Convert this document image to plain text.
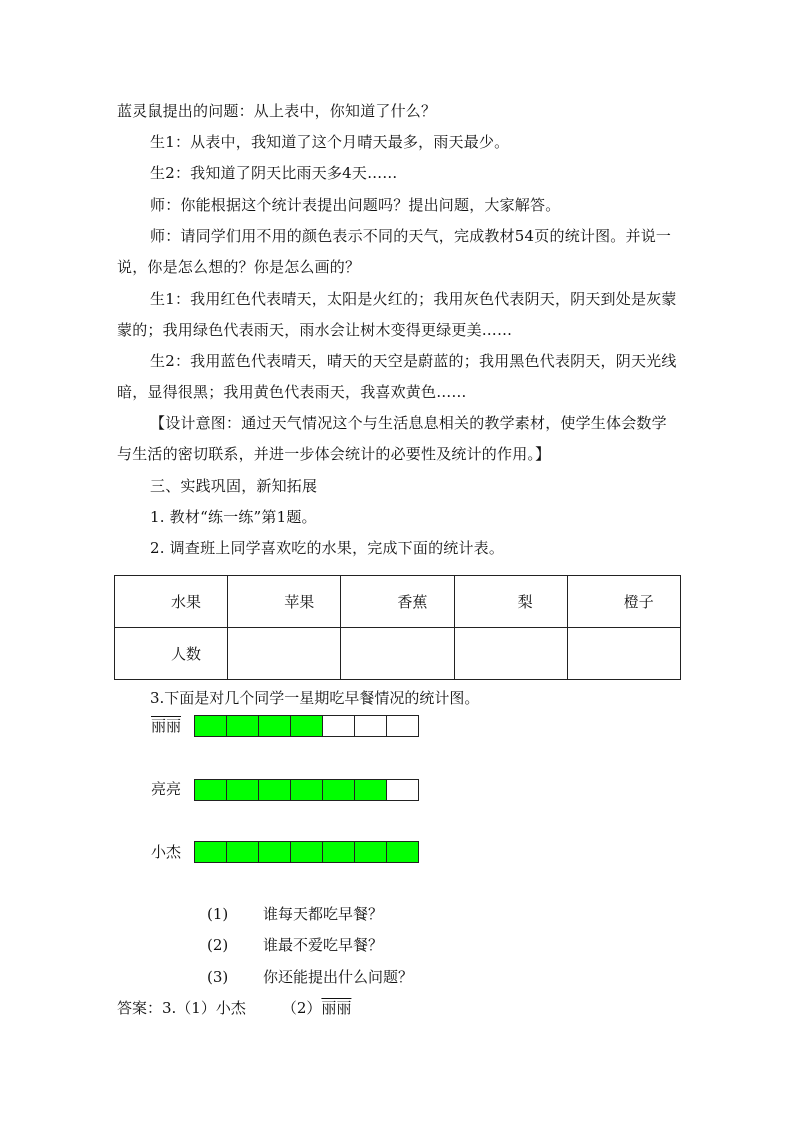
蓝灵鼠提出的问题：从上表中，你知道了什么？

生1：从表中，我知道了这个月晴天最多，雨天最少。

生2：我知道了阴天比雨天多4天……

师：你能根据这个统计表提出问题吗？提出问题，大家解答。

师：请同学们用不用的颜色表示不同的天气，完成教材54页的统计图。并说一说，你是怎么想的？你是怎么画的？

生1：我用红色代表晴天，太阳是火红的；我用灰色代表阴天，阴天到处是灰蒙蒙的；我用绿色代表雨天，雨水会让树木变得更绿更美……

生2：我用蓝色代表晴天，晴天的天空是蔚蓝的；我用黑色代表阴天，阴天光线暗，显得很黑；我用黄色代表雨天，我喜欢黄色……

【设计意图：通过天气情况这个与生活息息相关的教学素材，使学生体会数学与生活的密切联系，并进一步体会统计的必要性及统计的作用。】

三、实践巩固，新知拓展

1. 教材“练一练”第1题。

2. 调查班上同学喜欢吃的水果，完成下面的统计表。

水果	苹果	香蕉	梨	橙子
人数				

3.下面是对几个同学一星期吃早餐情况的统计图。

丽丽
亮亮
小杰
(1) 谁每天都吃早餐？
(2) 谁最不爱吃早餐？
(3) 你还能提出什么问题？

答案：3.（1）小杰 （2）丽丽
